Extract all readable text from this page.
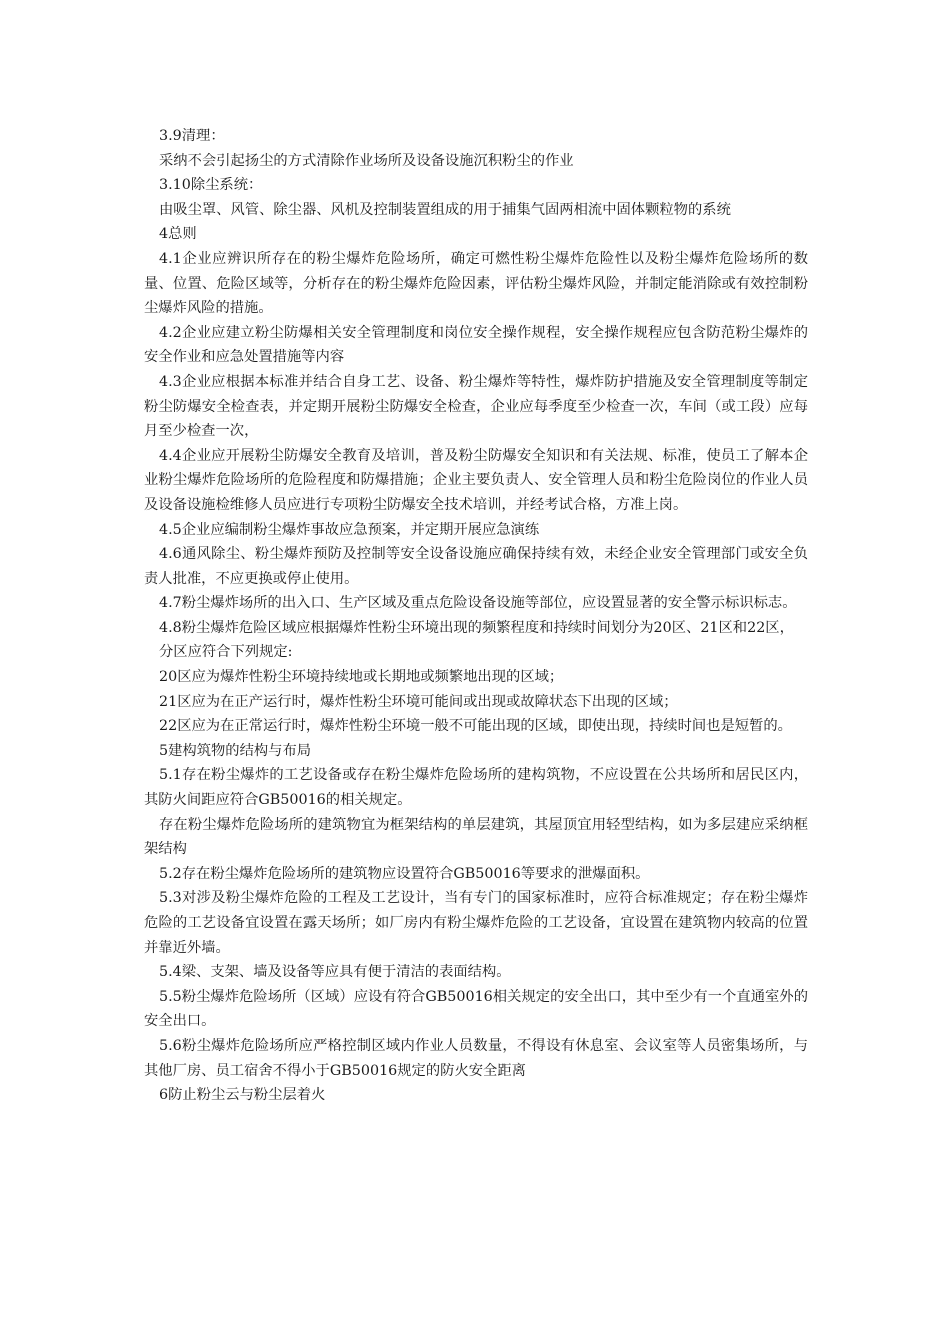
3.9清理：

采纳不会引起扬尘的方式清除作业场所及设备设施沉积粉尘的作业

3.10除尘系统：

由吸尘罩、风管、除尘器、风机及控制装置组成的用于捕集气固两相流中固体颗粒物的系统

4总则

4.1企业应辨识所存在的粉尘爆炸危险场所，确定可燃性粉尘爆炸危险性以及粉尘爆炸危险场所的数量、位置、危险区域等，分析存在的粉尘爆炸危险因素，评估粉尘爆炸风险，并制定能消除或有效控制粉尘爆炸风险的措施。

4.2企业应建立粉尘防爆相关安全管理制度和岗位安全操作规程，安全操作规程应包含防范粉尘爆炸的安全作业和应急处置措施等内容

4.3企业应根据本标准并结合自身工艺、设备、粉尘爆炸等特性，爆炸防护措施及安全管理制度等制定粉尘防爆安全检查表，并定期开展粉尘防爆安全检查，企业应每季度至少检查一次，车间（或工段）应每月至少检查一次，

4.4企业应开展粉尘防爆安全教育及培训，普及粉尘防爆安全知识和有关法规、标准，使员工了解本企业粉尘爆炸危险场所的危险程度和防爆措施；企业主要负责人、安全管理人员和粉尘危险岗位的作业人员及设备设施检维修人员应进行专项粉尘防爆安全技术培训，并经考试合格，方准上岗。

4.5企业应编制粉尘爆炸事故应急预案，并定期开展应急演练

4.6通风除尘、粉尘爆炸预防及控制等安全设备设施应确保持续有效，未经企业安全管理部门或安全负责人批准，不应更换或停止使用。

4.7粉尘爆炸场所的出入口、生产区域及重点危险设备设施等部位，应设置显著的安全警示标识标志。

4.8粉尘爆炸危险区域应根据爆炸性粉尘环境出现的频繁程度和持续时间划分为20区、21区和22区，

分区应符合下列规定:

20区应为爆炸性粉尘环境持续地或长期地或频繁地出现的区域；

21区应为在正产运行时，爆炸性粉尘环境可能间或出现或故障状态下出现的区域；

22区应为在正常运行时，爆炸性粉尘环境一般不可能出现的区域，即使出现，持续时间也是短暂的。

5建构筑物的结构与布局

5.1存在粉尘爆炸的工艺设备或存在粉尘爆炸危险场所的建构筑物，不应设置在公共场所和居民区内，其防火间距应符合GB50016的相关规定。

存在粉尘爆炸危险场所的建筑物宜为框架结构的单层建筑，其屋顶宜用轻型结构，如为多层建应采纳框架结构

5.2存在粉尘爆炸危险场所的建筑物应设置符合GB50016等要求的泄爆面积。

5.3对涉及粉尘爆炸危险的工程及工艺设计，当有专门的国家标准时，应符合标准规定；存在粉尘爆炸危险的工艺设备宜设置在露天场所；如厂房内有粉尘爆炸危险的工艺设备，宜设置在建筑物内较高的位置并靠近外墙。

5.4梁、支架、墙及设备等应具有便于清洁的表面结构。

5.5粉尘爆炸危险场所（区域）应设有符合GB50016相关规定的安全出口，其中至少有一个直通室外的安全出口。

5.6粉尘爆炸危险场所应严格控制区域内作业人员数量，不得设有休息室、会议室等人员密集场所，与其他厂房、员工宿舍不得小于GB50016规定的防火安全距离

6防止粉尘云与粉尘层着火
